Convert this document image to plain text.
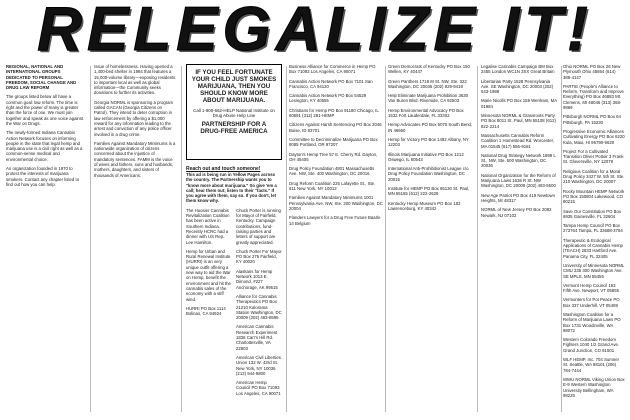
RELEGALIZE IT!

REGIONAL, NATIONAL AND INTERNATIONAL GROUPS DEDICATED TO PERSONAL FREEDOM, SOCIAL CHANGE AND DRUG LAW REFORM

The groups listed below all have a common goal: law reform. The time is right and the power of many is greater than the force of one. We must join together and speak as one voice against the War on Drugs.

The newly-formed Indiana Cannabis Action Network focuses on informing people in the state that legal hemp and marijuana use is a civil right as well as a common-sense medical and environmental choice.

An organization founded in 1970 to protect the interests of marijuana smokers. Contact any chapter listed to find out how you can help.

Issue of homelessness. Having opened a 1,400-bed shelter in 1984 that features a 15,000-volume library—exposing residents to important local as well as global information—the Community seeks donations to further its activities.

Georgia NORML is sponsoring a program called GACAN (Georgia Citizens on Patrol). They intend to deter corruption in law enforcement by offering a $1,000 reward for any information leading to the arrest and conviction of any police officer involved in a drug crime.

Families Against Mandatory Minimums is a nationwide organization of citizens concerned about the injustice of mandatory sentences. FAMM is the voice of wives and fathers, sons and husbands, mothers, daughters, and sisters of thousands of Americans.

IF YOU FEEL FORTUNATE YOUR CHILD JUST SMOKES MARIJUANA, THEN YOU SHOULD KNOW MORE ABOUT MARIJUANA.
Call 1-800-662-HELP National Institute on Drug Abuse Help Line
PARTNERSHIP FOR A DRUG-FREE AMERICA
Reach out and touch someone!

This ad is being run in Yellow Pages across the country. The Partnership wants you to "know more about marijuana." So give 'em a call; hear them out; listen to their "facts." If you agree with them, say so. If you don't, let them know why.

The Hoosier Cannabis Revitalization Coalition has been active in Southern Indiana. Recently HCRC had a dinner with US Rep. Lee Hamilton.

Hemp for Urban and Rural Renewal Institute (HURRI) is an very unique outfit offering a new way to aid the War on Hemp, benefit the environment and hit the cannabis sales of the economy with a stiff wind.

HURRI PO Box 1114 Bolinas, CA 94924

Chuck Porter is running for Mayor of Fairfield, Kentucky. Campaign contributions, fund-raising parties and letters of support are greatly appreciated.

Chuck Porter For Mayor PO Box 276 Fairfield, KY 40020

Alaskans for Hemp Network 1013 E. Dimond, #227 Anchorage, AK 99515

Alliance for Cannabis Therapeutics PO Box 21210 Kalorama Station Washington, DC 20009 (202) 483-8595

American Cannabis Research Experiment 1836 Carr's Hill Rd. Charlottesville, VA 22903

American Civil Liberties Union 132 W. 43rd St. New York, NY 10036 (212) 944-9800

American Hemp Council PO Box 71093 Los Angeles, CA 90071

Business Alliance for Commerce in Hemp PO Box 71093 Los Angeles, CA 90071

Cannabis Action Network PO Box 7101 San Francisco, CA 94120

Cannabis Action Network PO Box 54529 Lexington, KY 40555

Christians for Hemp PO Box 91180 Chicago, IL 60691 (312) 281-HEMP

Citizens Against Harsh Sentencing PO Box 2046 Boise, ID 83701

Committee to Decriminalize Marijuana PO Box 8085 Portland, OR 97207

Dayton's Hemp Tree 57 E. Cherry Rd. Dayton, OH 45405

Drug Policy Foundation 4801 Massachusetts Ave. NW, Ste. 400 Washington, DC 20016

Drug Reform Coalition 225 Lafayette St., Ste. 611 New York, NY 10012

Families Against Mandatory Minimums 1001 Pennsylvania Ave. NW, Ste. 200 Washington, DC 20004

Flanders Lawyers for a Drug Free Future Baarle 14 Belgium

Green Democrats of Kentucky PO Box 150 Wellen, KY 40447

Green Panthers 1718 M St. NW, Ste. 322 Washington, DC 20036 (202) 829-9419

Help Eliminate Marijuana Prohibition 3630 Van Buren Blvd. Riverside, CA 92503

Hemp Environmental Advocacy PO Box 1532 Fort Lauderdale, FL 33302

Hemp Advocates PO Box 5075 South Bend, IN 46660

Hemp for Victory PO Box 1492 Albany, NY 12203

Illinois Marijuana Initiative PO Box 1212 Oswego, IL 60543

International Anti-Prohibitionist League c/o Drug Policy Foundation Washington, DC 20016

Institute for HEMP PO Box 65130 St. Paul, MN 55165 (612) 222-2628

Kentucky Hemp Museum PO Box 183 Lawrenceburg, KY 40342

Legalise Cannabis Campaign BM Box 2455 London WC1N 3XX Great Britain

Libertarian Party 1528 Pennsylvania Ave. SE Washington, DC 20003 (202) 543-1988

Marie Nicolls PO Box 159 Wenham, MA 01984

Minnesota NORML & Grassroots Party PO Box 8011 St. Paul, MN 55108 (612) 822-2214

Massachusetts Cannabis Reform Coalition 1 Homestead Rd. Worcester, MA 01545 (617) 556-9181

National Drug Strategy Network 1899 L St., NW, Ste. 500 Washington, DC 20036

National Organization for the Reform of Marijuana Laws 1636 R St. NW Washington, DC 20009 (202) 483-5500

New Age Patriot PO Box 419 Newtown Heights, MI 48317

NORML of New Jersey PO Box 2082 Newark, NJ 07102

Ohio NORML PO Box 26 New Plymouth Ohio 45654 (614) 385-4147

PARTIE (People's Alliance to Reform, Transform and Improve Everything) PO Box 46883 Mt. Clemens, MI 48046 (313) 358-9869

Pittsburgh NORML PO Box 64 Pittsburgh, PA 15230

Progressive Economic Alliances Cultivating Energy PO Box 6220 Kula, Maui, HI 96790-9620

Project For a Cultivated Transition Oliver Pottoir 3 Frank St. Gloversville, NY 12078

Religious Coalition for a Moral Drug Policy 3427 W. 5th St. Ste. 210 Washington, DC 20007

Rocky Mountain HEMP Network PO Box 150804 Lakewood, CO 80215

Save Our Constitution PO Box 6935 Gainesville, FL 32604

Tampa Hemp Council PO Box 273764 Tampa, FL 33688-3764

Therapeutic & Ecological Applications of Cannabis Hemp (TEACH) 2833 Hartford Ave. Panama City, FL 32405

University of Minnesota NORML CMU 235 300 Washington Ave. SE MPLS, MN 55455

Vermont Hemp Council 163 Fifth Ave. Newport, VT 05855

Vermonters for Pot Peace PO Box 337 Underhill, VT 05489

Washington Coalition for a Reform of Marijuana Laws PO Box 1731 Woodinville, WA 98072

Western Colorado Freedom Fighters 1040 1/2 Grand Ave. Grand Junction, CO 81501

WLF HEMP, Inc. 704 Sumner St. Seattle, WA 98101 (206) 784-7444

WWU NORML Viking Union Box E-9 Western Washington University Bellingham, WA 98225
